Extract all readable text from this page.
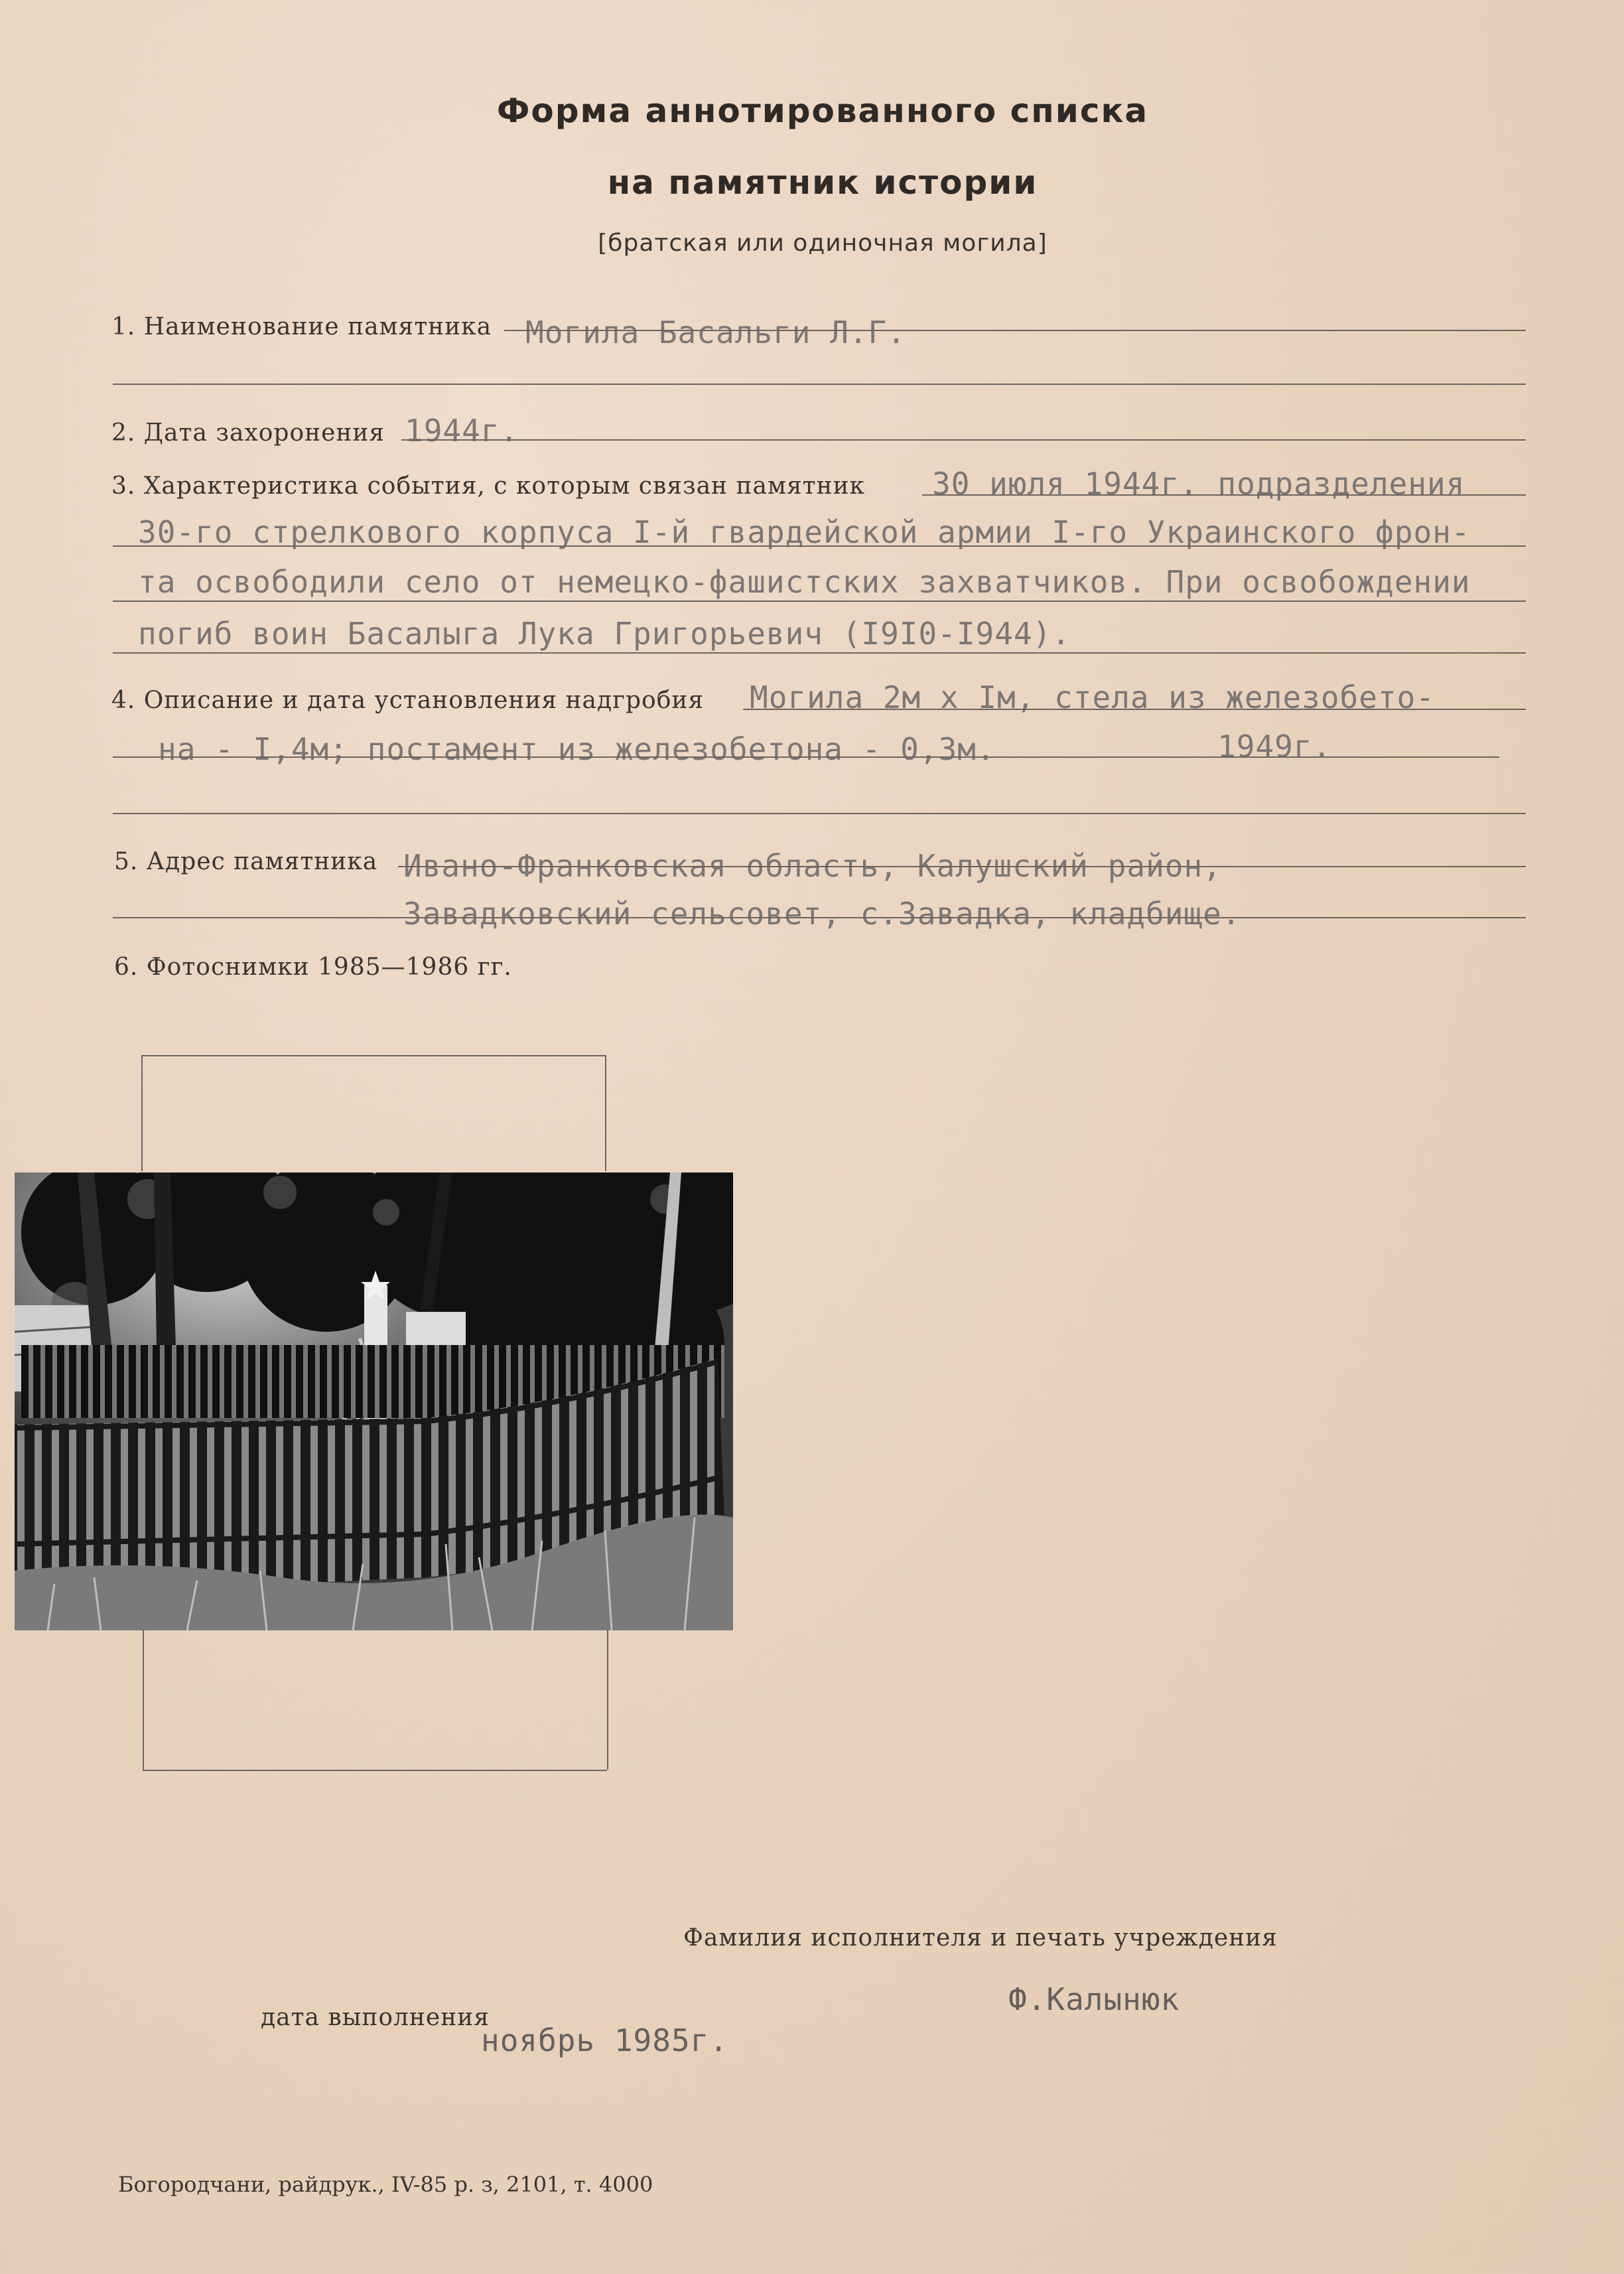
Форма аннотированного списка
на памятник истории
[братская или одиночная могила]
1. Наименование памятника Могила Басальги Л.Г.
2. Дата захоронения 1944г.
3. Характеристика события, с которым связан памятник 30 июля 1944г. подразделения
30-го стрелкового корпуса I-й гвардейской армии I-го Украинского фрон-
та освободили село от немецко-фашистских захватчиков. При освобождении
погиб воин Басалыга Лука Григорьевич (I9I0-I944).
4. Описание и дата установления надгробия Могила 2м х Iм, стела из железобето-
на - I,4м; постамент из железобетона - 0,3м.	1949г.
5. Адрес памятника Ивано-Франковская область, Калушский район,
Завадковский сельсовет, с.Завадка, кладбище.
6. Фотоснимки 1985—1986 гг.
Фамилия исполнителя и печать учреждения
Ф.Калынюк
дата выполнения
ноябрь 1985г.
Богородчани, райдрук., IV-85 р. з, 2101, т. 4000
